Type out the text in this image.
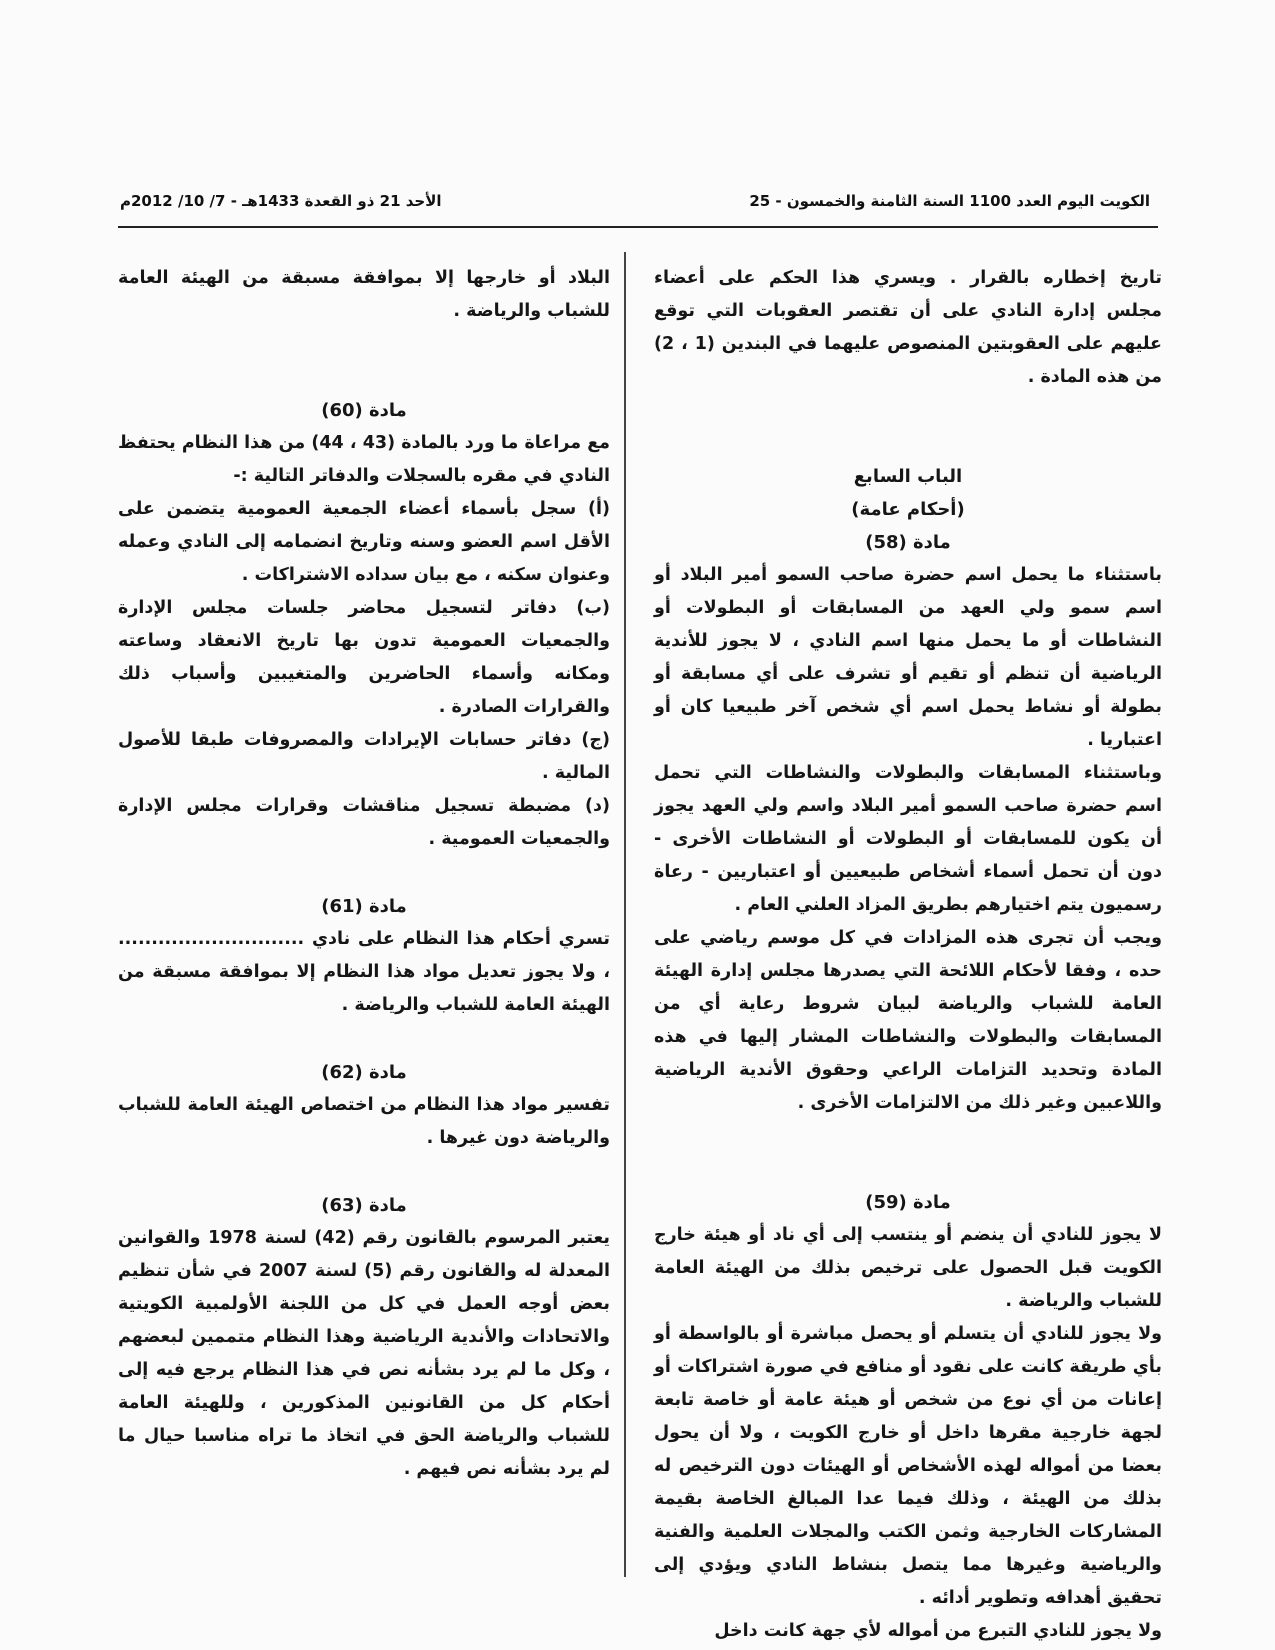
الكويت اليوم العدد 1100 السنة الثامنة والخمسون - 25
الأحد 21 ذو القعدة 1433هـ - 7/ 10/ 2012م

تاريخ إخطاره بالقرار . ويسري هذا الحكم على أعضاء مجلس إدارة النادي على أن تقتصر العقوبات التي توقع عليهم على العقوبتين المنصوص عليهما في البندين (1 ، 2) من هذه المادة .

الباب السابع

(أحكام عامة)

مادة (58)

باستثناء ما يحمل اسم حضرة صاحب السمو أمير البلاد أو اسم سمو ولي العهد من المسابقات أو البطولات أو النشاطات أو ما يحمل منها اسم النادي ، لا يجوز للأندية الرياضية أن تنظم أو تقيم أو تشرف على أي مسابقة أو بطولة أو نشاط يحمل اسم أي شخص آخر طبيعيا كان أو اعتباريا .

وباستثناء المسابقات والبطولات والنشاطات التي تحمل اسم حضرة صاحب السمو أمير البلاد واسم ولي العهد يجوز أن يكون للمسابقات أو البطولات أو النشاطات الأخرى - دون أن تحمل أسماء أشخاص طبيعيين أو اعتباريين - رعاة رسميون يتم اختيارهم بطريق المزاد العلني العام .

ويجب أن تجرى هذه المزادات في كل موسم رياضي على حده ، وفقا لأحكام اللائحة التي يصدرها مجلس إدارة الهيئة العامة للشباب والرياضة لبيان شروط رعاية أي من المسابقات والبطولات والنشاطات المشار إليها في هذه المادة وتحديد التزامات الراعي وحقوق الأندية الرياضية واللاعبين وغير ذلك من الالتزامات الأخرى .

مادة (59)

لا يجوز للنادي أن ينضم أو ينتسب إلى أي ناد أو هيئة خارج الكويت قبل الحصول على ترخيص بذلك من الهيئة العامة للشباب والرياضة .

ولا يجوز للنادي أن يتسلم أو يحصل مباشرة أو بالواسطة أو بأي طريقة كانت على نقود أو منافع في صورة اشتراكات أو إعانات من أي نوع من شخص أو هيئة عامة أو خاصة تابعة لجهة خارجية مقرها داخل أو خارج الكويت ، ولا أن يحول بعضا من أمواله لهذه الأشخاص أو الهيئات دون الترخيص له بذلك من الهيئة ، وذلك فيما عدا المبالغ الخاصة بقيمة المشاركات الخارجية وثمن الكتب والمجلات العلمية والفنية والرياضية وغيرها مما يتصل بنشاط النادي ويؤدي إلى تحقيق أهدافه وتطوير أدائه .

ولا يجوز للنادي التبرع من أمواله لأي جهة كانت داخل

البلاد أو خارجها إلا بموافقة مسبقة من الهيئة العامة للشباب والرياضة .

مادة (60)

مع مراعاة ما ورد بالمادة (43 ، 44) من هذا النظام يحتفظ النادي في مقره بالسجلات والدفاتر التالية :-

(أ) سجل بأسماء أعضاء الجمعية العمومية يتضمن على الأقل اسم العضو وسنه وتاريخ انضمامه إلى النادي وعمله وعنوان سكنه ، مع بيان سداده الاشتراكات .

(ب) دفاتر لتسجيل محاضر جلسات مجلس الإدارة والجمعيات العمومية تدون بها تاريخ الانعقاد وساعته ومكانه وأسماء الحاضرين والمتغيبين وأسباب ذلك والقرارات الصادرة .

(ج) دفاتر حسابات الإيرادات والمصروفات طبقا للأصول المالية .

(د) مضبطة تسجيل مناقشات وقرارات مجلس الإدارة والجمعيات العمومية .

مادة (61)

تسري أحكام هذا النظام على نادي ............................ ، ولا يجوز تعديل مواد هذا النظام إلا بموافقة مسبقة من الهيئة العامة للشباب والرياضة .

مادة (62)

تفسير مواد هذا النظام من اختصاص الهيئة العامة للشباب والرياضة دون غيرها .

مادة (63)

يعتبر المرسوم بالقانون رقم (42) لسنة 1978 والقوانين المعدلة له والقانون رقم (5) لسنة 2007 في شأن تنظيم بعض أوجه العمل في كل من اللجنة الأولمبية الكويتية والاتحادات والأندية الرياضية وهذا النظام متممين لبعضهم ، وكل ما لم يرد بشأنه نص في هذا النظام يرجع فيه إلى أحكام كل من القانونين المذكورين ، وللهيئة العامة للشباب والرياضة الحق في اتخاذ ما تراه مناسبا حيال ما لم يرد بشأنه نص فيهم .
